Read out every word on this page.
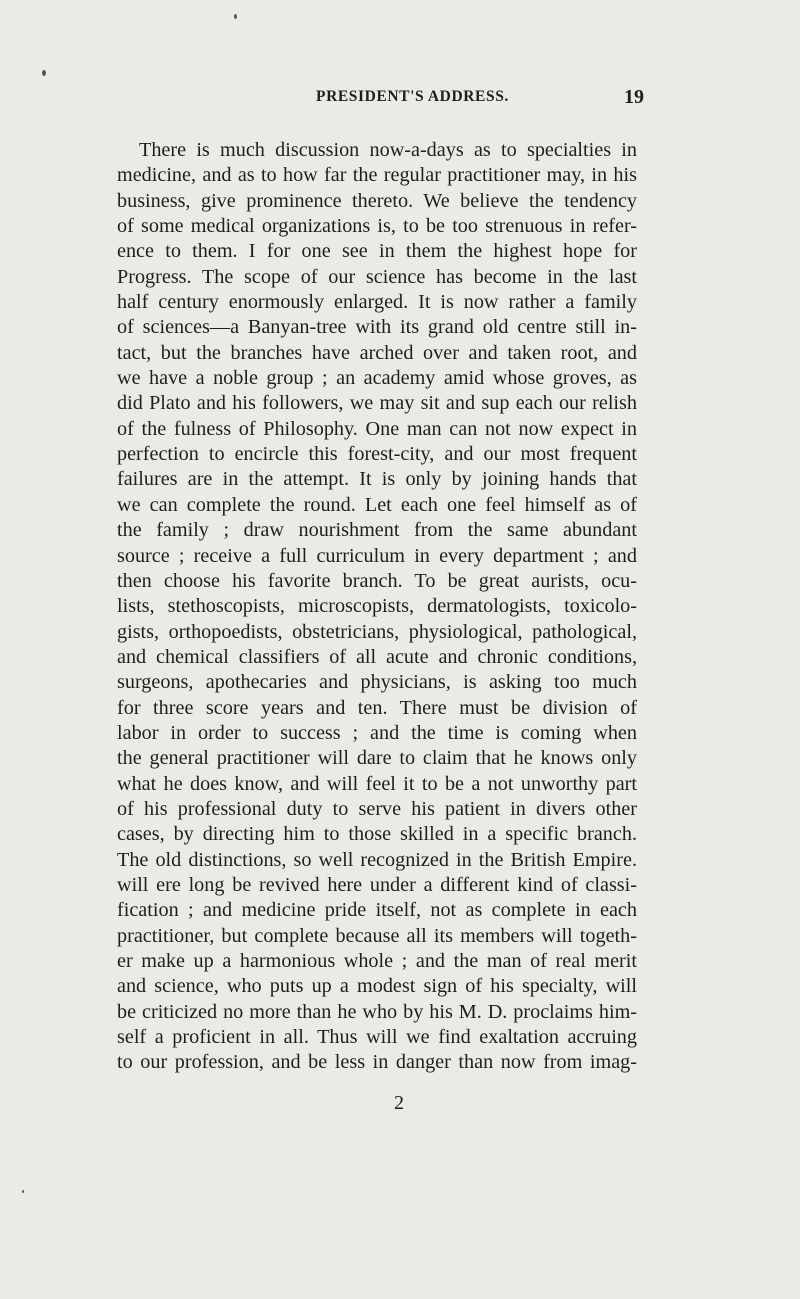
PRESIDENT'S ADDRESS.	19
There is much discussion now-a-days as to specialties in
medicine, and as to how far the regular practitioner may, in his
business, give prominence thereto. We believe the tendency
of some medical organizations is, to be too strenuous in refer-
ence to them. I for one see in them the highest hope for
Progress. The scope of our science has become in the last
half century enormously enlarged. It is now rather a family
of sciences—a Banyan-tree with its grand old centre still in-
tact, but the branches have arched over and taken root, and
we have a noble group ; an academy amid whose groves, as
did Plato and his followers, we may sit and sup each our relish
of the fulness of Philosophy. One man can not now expect in
perfection to encircle this forest-city, and our most frequent
failures are in the attempt. It is only by joining hands that
we can complete the round. Let each one feel himself as of
the family ; draw nourishment from the same abundant
source ; receive a full curriculum in every department ; and
then choose his favorite branch. To be great aurists, ocu-
lists, stethoscopists, microscopists, dermatologists, toxicolo-
gists, orthopoedists, obstetricians, physiological, pathological,
and chemical classifiers of all acute and chronic conditions,
surgeons, apothecaries and physicians, is asking too much
for three score years and ten. There must be division of
labor in order to success ; and the time is coming when
the general practitioner will dare to claim that he knows only
what he does know, and will feel it to be a not unworthy part
of his professional duty to serve his patient in divers other
cases, by directing him to those skilled in a specific branch.
The old distinctions, so well recognized in the British Empire.
will ere long be revived here under a different kind of classi-
fication ; and medicine pride itself, not as complete in each
practitioner, but complete because all its members will togeth-
er make up a harmonious whole ; and the man of real merit
and science, who puts up a modest sign of his specialty, will
be criticized no more than he who by his M. D. proclaims him-
self a proficient in all. Thus will we find exaltation accruing
to our profession, and be less in danger than now from imag-
2
